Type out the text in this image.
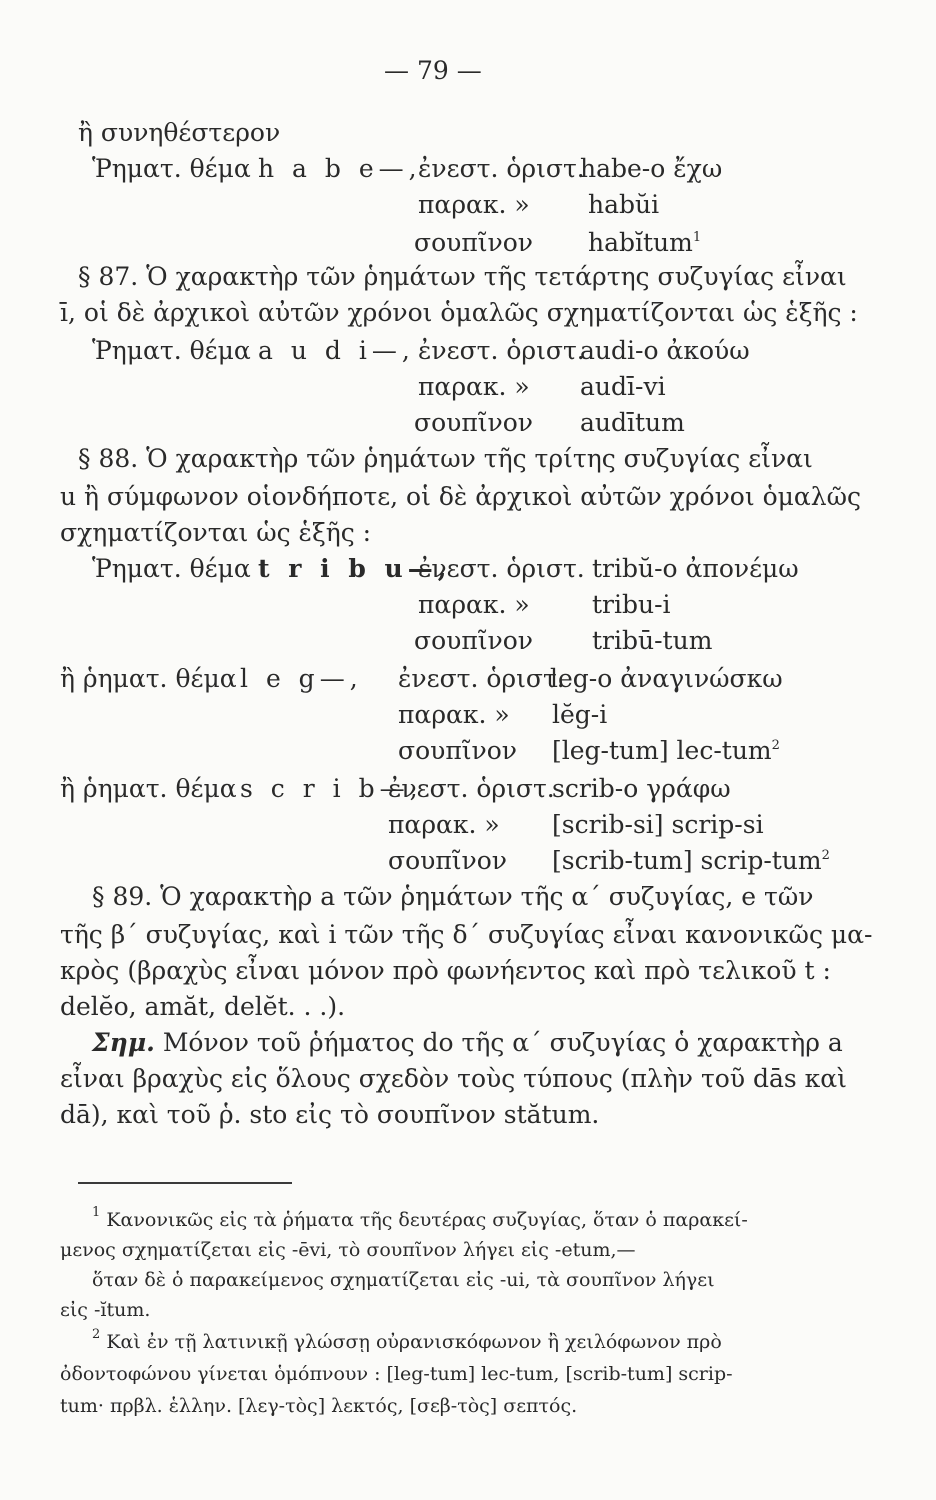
— 79 —
ἢ συνηθέστερον
Ῥηματ. θέμα h a b e—,
ἐνεστ. ὁριστ.
habe-o ἔχω
παρακ. » habŭi
σουπῖνον habĭtum$^1$
§ 87. Ὁ χαρακτὴρ τῶν ῥημάτων τῆς τετάρτης συζυγίας εἶναι
ī, οἱ δὲ ἀρχικοὶ αὐτῶν χρόνοι ὁμαλῶς σχηματίζονται ὡς ἑξῆς :
Ῥηματ. θέμα a u d i—, ἐνεστ. ὁριστ.
audi-o ἀκούω
παρακ. » audī-vi
σουπῖνον audītum
§ 88. Ὁ χαρακτὴρ τῶν ῥημάτων τῆς τρίτης συζυγίας εἶναι
u ἢ σύμφωνον οἱονδήποτε, οἱ δὲ ἀρχικοὶ αὐτῶν χρόνοι ὁμαλῶς
σχηματίζονται ὡς ἑξῆς :
Ῥηματ. θέμα t r i b u—,
ἐνεστ. ὁριστ. tribŭ-o ἀπονέμω
παρακ. » tribu-i
σουπῖνον tribū-tum
ἢ ῥηματ. θέμα l e g—, ἐνεστ. ὁριστ.
leg-o ἀναγινώσκω
παρακ. » lĕg-i
σουπῖνον [leg-tum] lec-tum$^2$
ἢ ῥηματ. θέμα s c r i b—,
ἐνεστ. ὁριστ.
scrib-o γράφω
παρακ. » [scrib-si] scrip-si
σουπῖνον [scrib-tum] scrip-tum$^2$
§ 89. Ὁ χαρακτὴρ a τῶν ῥημάτων τῆς α΄ συζυγίας, e τῶν
τῆς β΄ συζυγίας, καὶ i τῶν τῆς δ΄ συζυγίας εἶναι κανονικῶς μα-
κρὸς (βραχὺς εἶναι μόνον πρὸ φωνήεντος καὶ πρὸ τελικοῦ t :
delĕo, amăt, delĕt. . .).
Σημ. Μόνον τοῦ ῥήματος do τῆς α΄ συζυγίας ὁ χαρακτὴρ a
εἶναι βραχὺς εἰς ὅλους σχεδὸν τοὺς τύπους (πλὴν τοῦ dās καὶ
dā), καὶ τοῦ ῥ. sto εἰς τὸ σουπῖνον stătum.
$^1$ Κανονικῶς εἰς τὰ ῥήματα τῆς δευτέρας συζυγίας, ὅταν ὁ παρακεί-
μενος σχηματίζεται εἰς -ēvi, τὸ σουπῖνον λήγει εἰς -etum,—
ὅταν δὲ ὁ παρακείμενος σχηματίζεται εἰς -ui, τὰ σουπῖνον λήγει
εἰς -ĭtum.
$^2$ Καὶ ἐν τῇ λατινικῇ γλώσσῃ οὐρανισκόφωνον ἢ χειλόφωνον πρὸ
ὀδοντοφώνου γίνεται ὁμόπνουν : [leg-tum] lec-tum, [scrib-tum] scrip-
tum· πρβλ. ἑλλην. [λεγ-τὸς] λεκτός, [σεβ-τὸς] σεπτός.
